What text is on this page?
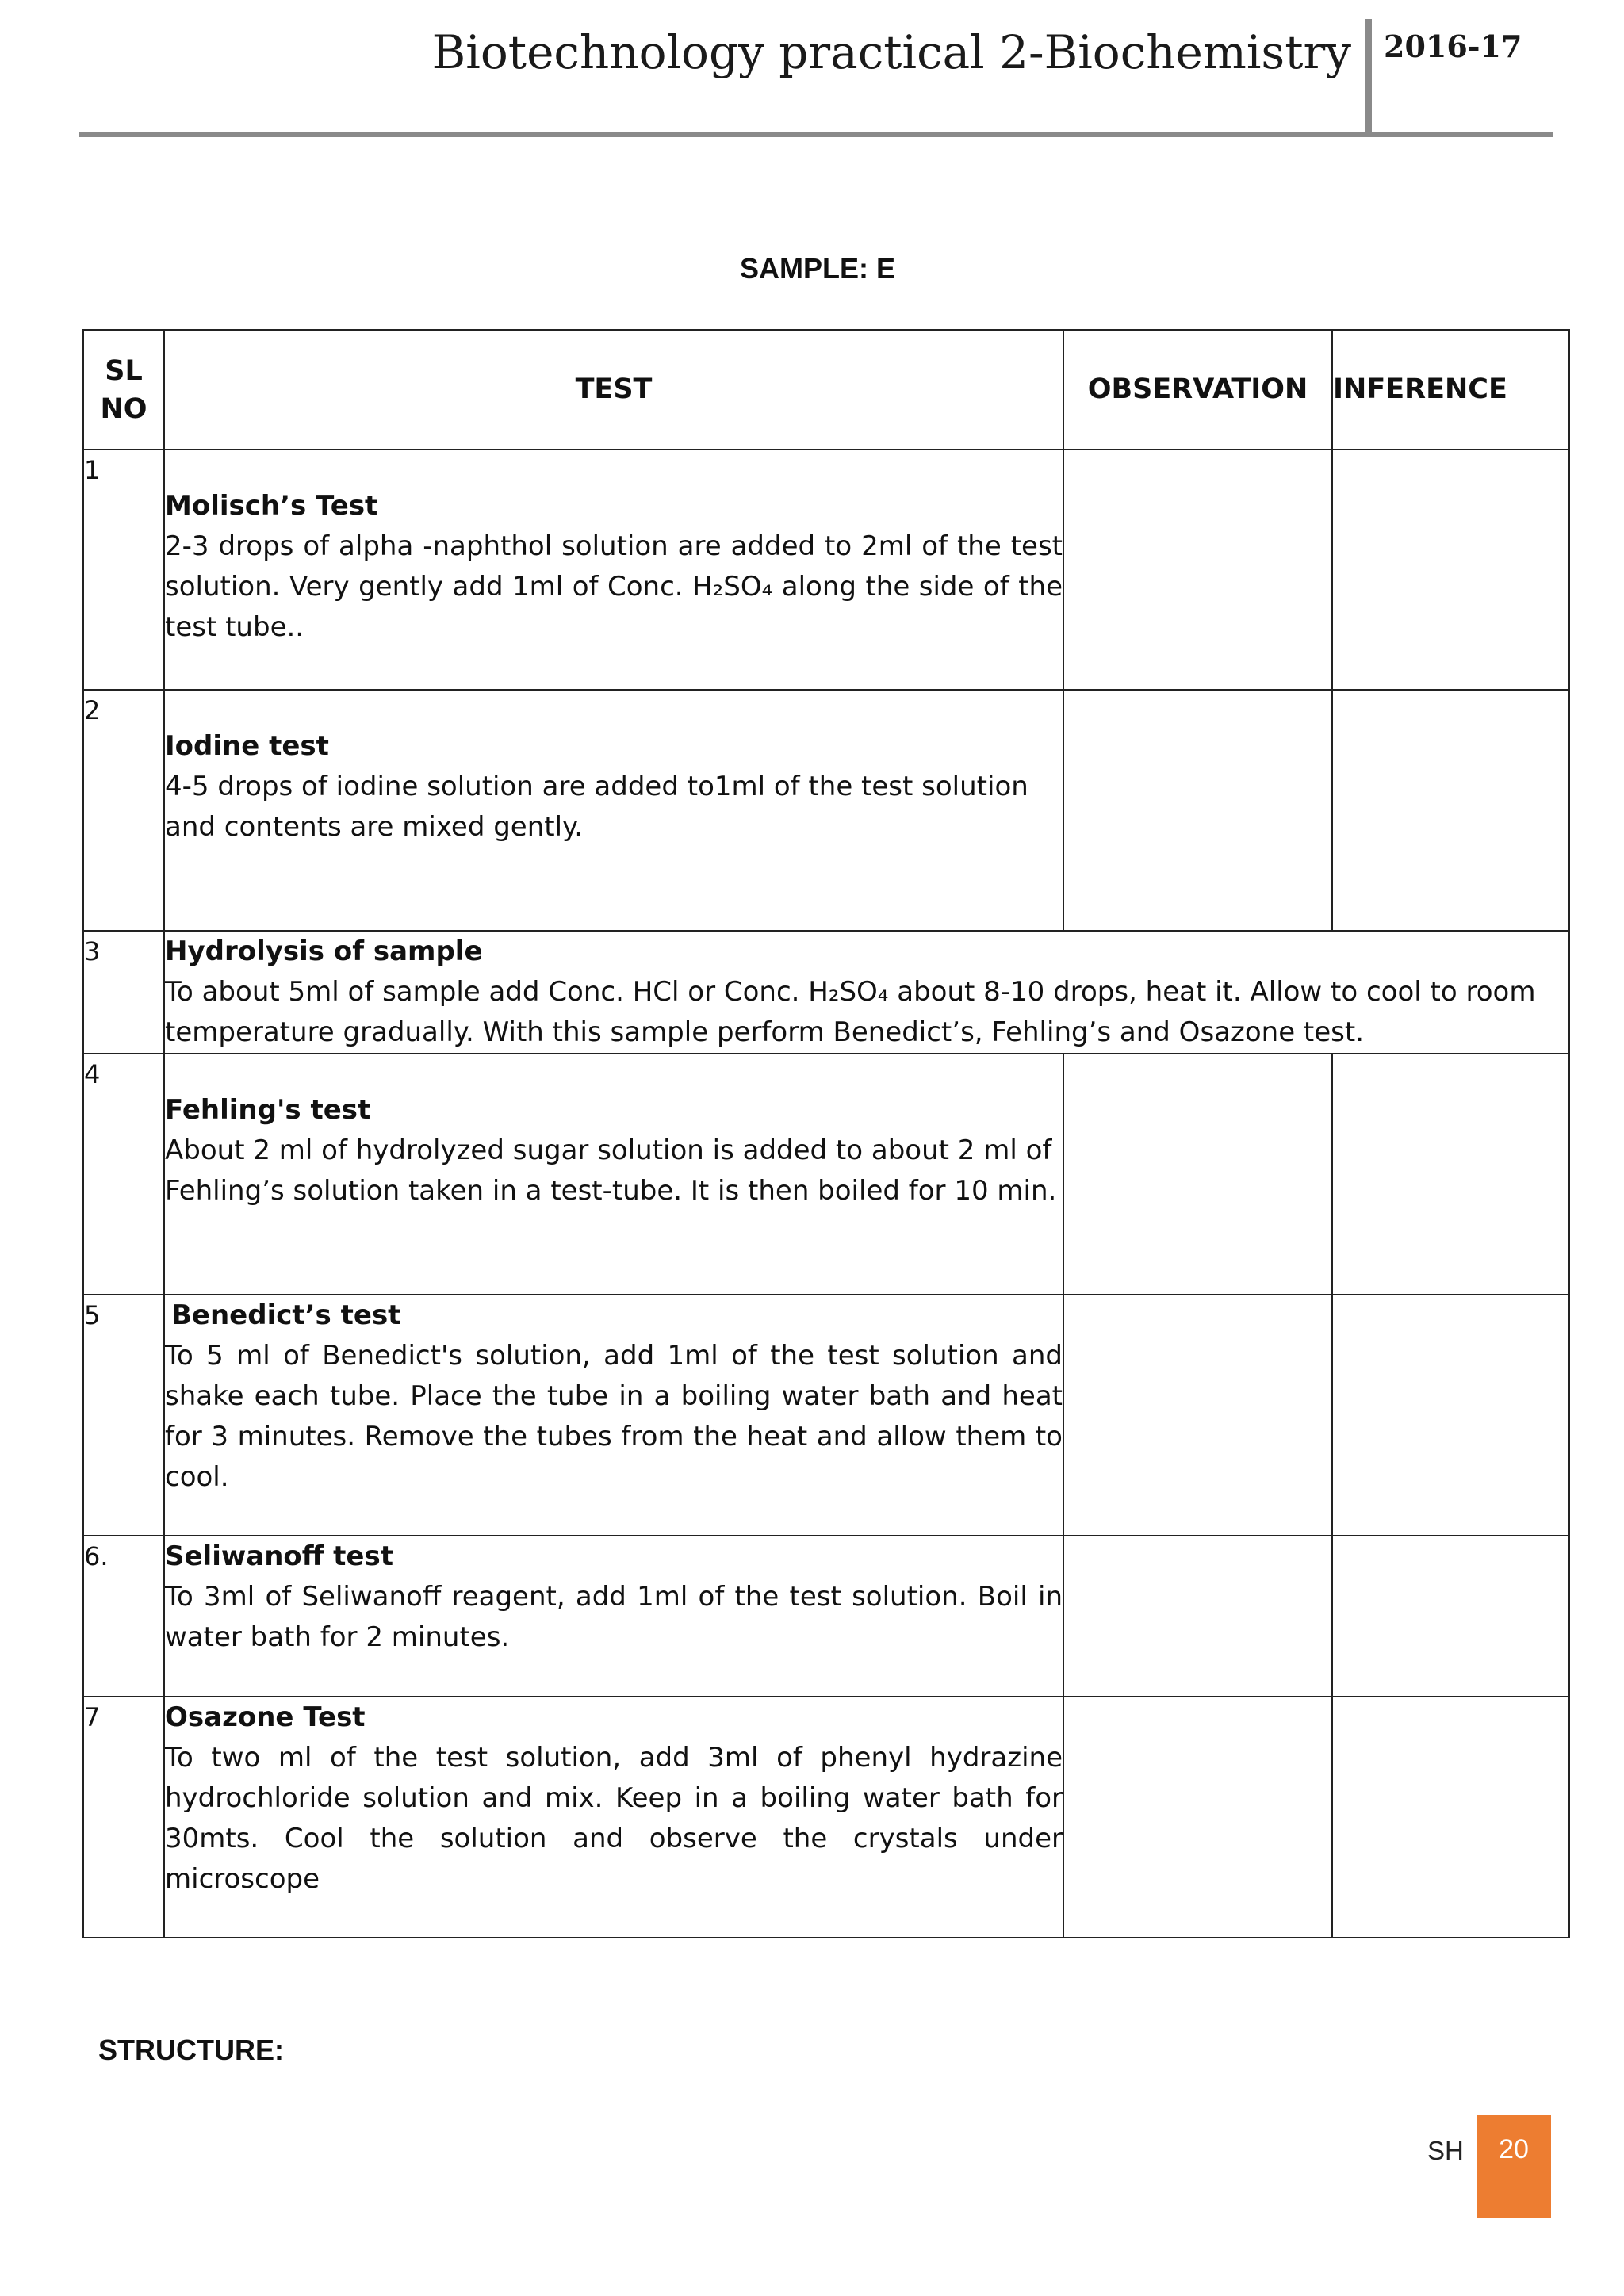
Biotechnology practical 2-Biochemistry 2016-17
SAMPLE: E
SL NO	TEST	OBSERVATION	INFERENCE
1	Molisch’s Test
2-3 drops of alpha -naphthol solution are added to 2ml of the test solution. Very gently add 1ml of Conc. H₂SO₄ along the side of the test tube..		

2	Iodine test
4-5 drops of iodine solution are added to1ml of the test solution and contents are mixed gently.		

3	Hydrolysis of sample
To about 5ml of sample add Conc. HCl or Conc. H₂SO₄ about 8-10 drops, heat it. Allow to cool to room temperature gradually. With this sample perform Benedict’s, Fehling’s and Osazone test.		

4	Fehling's test
About 2 ml of hydrolyzed sugar solution is added to about 2 ml of Fehling’s solution taken in a test-tube. It is then boiled for 10 min.		

5	Benedict’s test
To 5 ml of Benedict's solution, add 1ml of the test solution and shake each tube. Place the tube in a boiling water bath and heat for 3 minutes. Remove the tubes from the heat and allow them to cool.		

6.	Seliwanoff test
To 3ml of Seliwanoff reagent, add 1ml of the test solution. Boil in water bath for 2 minutes.		

7	Osazone Test
To two ml of the test solution, add 3ml of phenyl hydrazine hydrochloride solution and mix. Keep in a boiling water bath for 30mts. Cool the solution and observe the crystals under microscope		

STRUCTURE:
SH	20
